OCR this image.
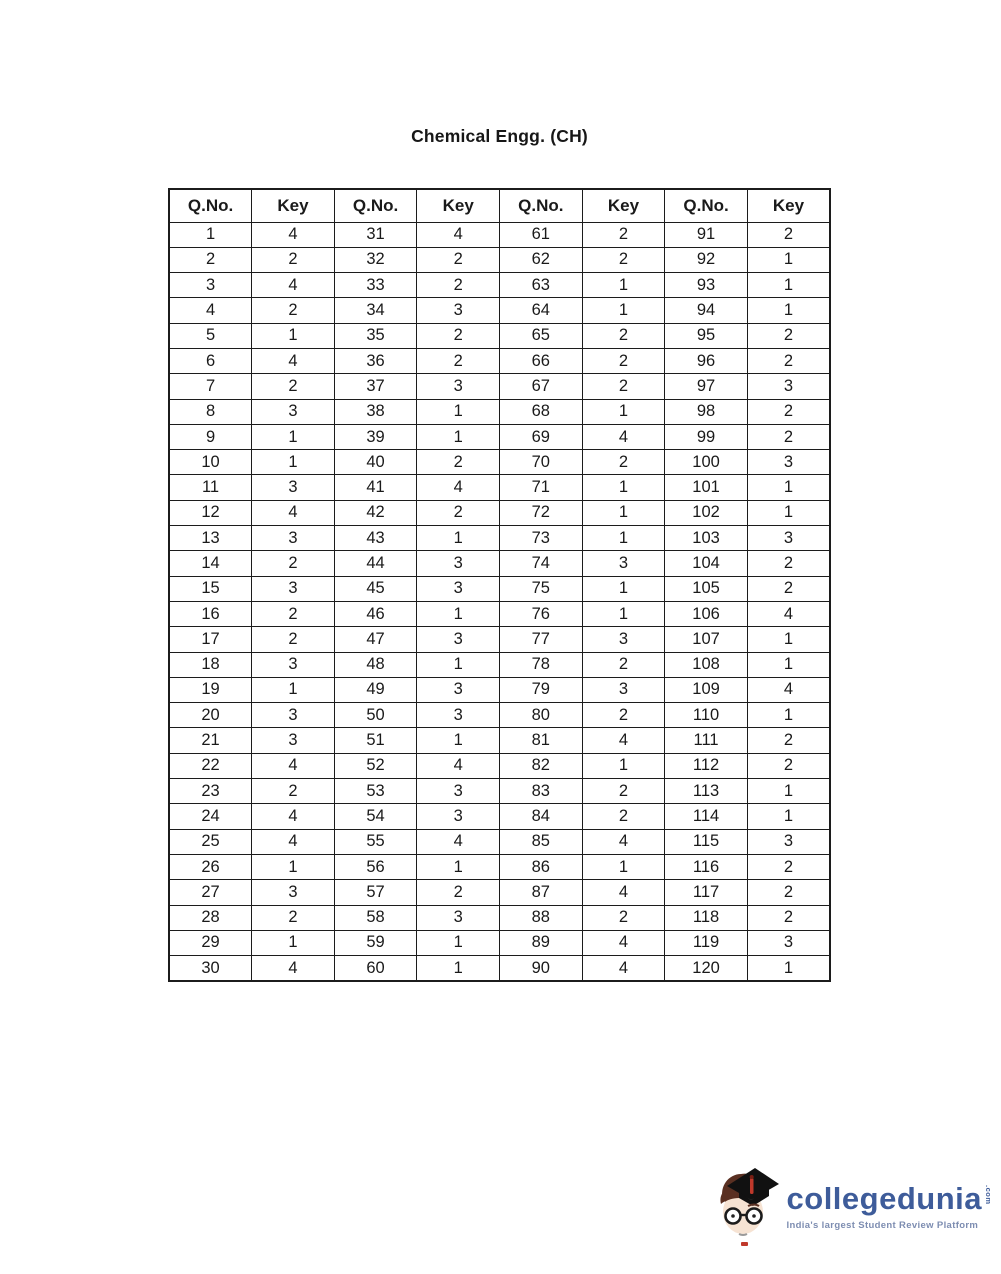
Chemical Engg. (CH)
Q.No.	Key	Q.No.	Key	Q.No.	Key	Q.No.	Key
1	4	31	4	61	2	91	2
2	2	32	2	62	2	92	1
3	4	33	2	63	1	93	1
4	2	34	3	64	1	94	1
5	1	35	2	65	2	95	2
6	4	36	2	66	2	96	2
7	2	37	3	67	2	97	3
8	3	38	1	68	1	98	2
9	1	39	1	69	4	99	2
10	1	40	2	70	2	100	3
11	3	41	4	71	1	101	1
12	4	42	2	72	1	102	1
13	3	43	1	73	1	103	3
14	2	44	3	74	3	104	2
15	3	45	3	75	1	105	2
16	2	46	1	76	1	106	4
17	2	47	3	77	3	107	1
18	3	48	1	78	2	108	1
19	1	49	3	79	3	109	4
20	3	50	3	80	2	110	1
21	3	51	1	81	4	111	2
22	4	52	4	82	1	112	2
23	2	53	3	83	2	113	1
24	4	54	3	84	2	114	1
25	4	55	4	85	4	115	3
26	1	56	1	86	1	116	2
27	3	57	2	87	4	117	2
28	2	58	3	88	2	118	2
29	1	59	1	89	4	119	3
30	4	60	1	90	4	120	1
collegedunia .com
India's largest Student Review Platform
